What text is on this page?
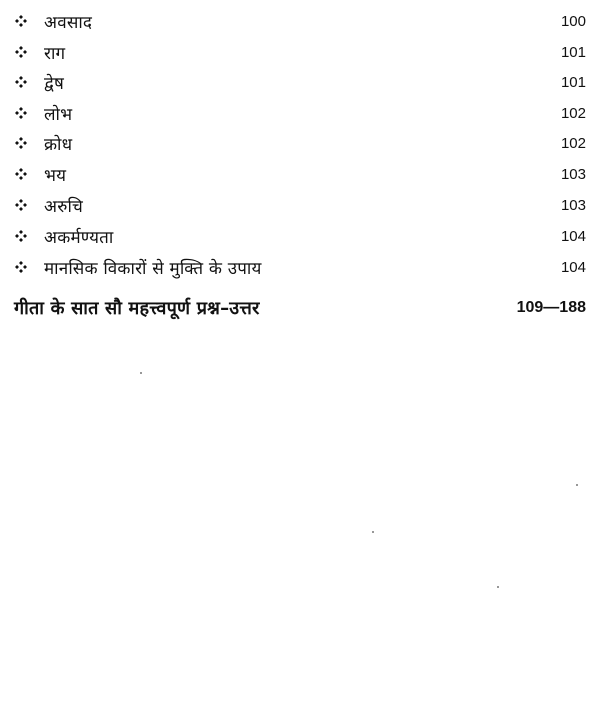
अवसाद	100
राग	101
द्वेष	101
लोभ	102
क्रोध	102
भय	103
अरुचि	103
अकर्मण्यता	104
मानसिक विकारों से मुक्ति के उपाय	104
गीता के सात सौ महत्त्वपूर्ण प्रश्न–उत्तर	109—188
